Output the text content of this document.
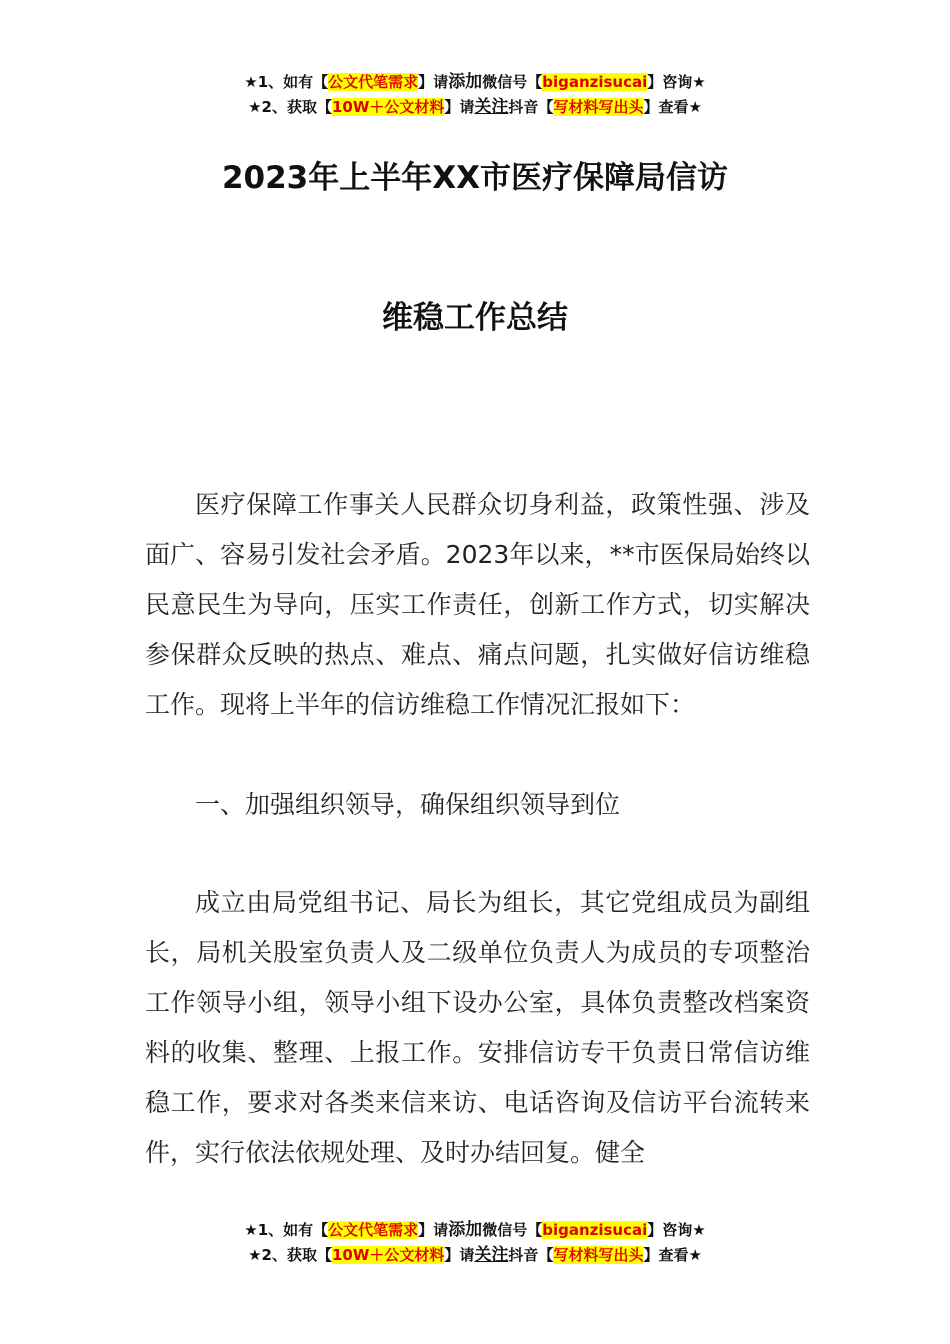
★1、如有【公文代笔需求】请添加微信号【biganzisucai】咨询★
★2、获取【10W＋公文材料】请关注抖音【写材料写出头】查看★
2023年上半年XX市医疗保障局信访
维稳工作总结

医疗保障工作事关人民群众切身利益，政策性强、涉及面广、容易引发社会矛盾。2023年以来，**市医保局始终以民意民生为导向，压实工作责任，创新工作方式，切实解决参保群众反映的热点、难点、痛点问题，扎实做好信访维稳工作。现将上半年的信访维稳工作情况汇报如下：

一、加强组织领导，确保组织领导到位

成立由局党组书记、局长为组长，其它党组成员为副组长，局机关股室负责人及二级单位负责人为成员的专项整治工作领导小组，领导小组下设办公室，具体负责整改档案资料的收集、整理、上报工作。安排信访专干负责日常信访维稳工作，要求对各类来信来访、电话咨询及信访平台流转来件，实行依法依规处理、及时办结回复。健全

★1、如有【公文代笔需求】请添加微信号【biganzisucai】咨询★
★2、获取【10W＋公文材料】请关注抖音【写材料写出头】查看★
